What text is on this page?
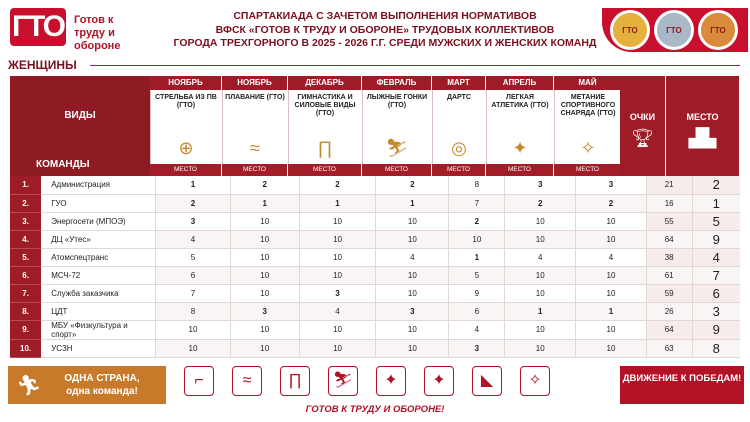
ГТО Готов к труду и обороне
СПАРТАКИАДА С ЗАЧЕТОМ ВЫПОЛНЕНИЯ НОРМАТИВОВ
ВФСК «ГОТОВ К ТРУДУ И ОБОРОНЕ» ТРУДОВЫХ КОЛЛЕКТИВОВ
ГОРОДА ТРЕХГОРНОГО В 2025 - 2026 Г.Г. СРЕДИ МУЖСКИХ И ЖЕНСКИХ КОМАНД
ГТО	ГТО	ГТО
ЖЕНЩИНЫ
ВИДЫ
КОМАНДЫ
НОЯБРЬ
СТРЕЛЬБА ИЗ ПВ (ГТО)
⊕
МЕСТО
НОЯБРЬ
ПЛАВАНИЕ (ГТО)
≈
МЕСТО
ДЕКАБРЬ
ГИМНАСТИКА И СИЛОВЫЕ ВИДЫ (ГТО)
∏
МЕСТО
ФЕВРАЛЬ
ЛЫЖНЫЕ ГОНКИ (ГТО)
⛷
МЕСТО
МАРТ
ДАРТС
◎
МЕСТО
АПРЕЛЬ
ЛЕГКАЯ АТЛЕТИКА (ГТО)
✦
МЕСТО
МАЙ
МЕТАНИЕ СПОРТИВНОГО СНАРЯДА (ГТО)
✧
МЕСТО
ОЧКИ
🏆︎
МЕСТО
▟▙
1.	Администрация	1	2	2	2	8	3	3	21	2
2.	ГУО	2	1	1	1	7	2	2	16	1
3.	Энергосети (МПОЭ)	3	10	10	10	2	10	10	55	5
4.	ДЦ «Утес»	4	10	10	10	10	10	10	64	9
5.	Атомспецтранс	5	10	10	4	1	4	4	38	4
6.	МСЧ-72	6	10	10	10	5	10	10	61	7
7.	Служба заказчика	7	10	3	10	9	10	10	59	6
8.	ЦДТ	8	3	4	3	6	1	1	26	3
9.	МБУ «Физкультура и спорт»	10	10	10	10	4	10	10	64	9
10.	УСЗН	10	10	10	10	3	10	10	63	8
🏃︎	ОДНА СТРАНА, одна команда!
⌐	≈	∏	⛷	✦	✦	◣	✧	ДВИЖЕНИЕ К ПОБЕДАМ!
ГОТОВ К ТРУДУ И ОБОРОНЕ!
